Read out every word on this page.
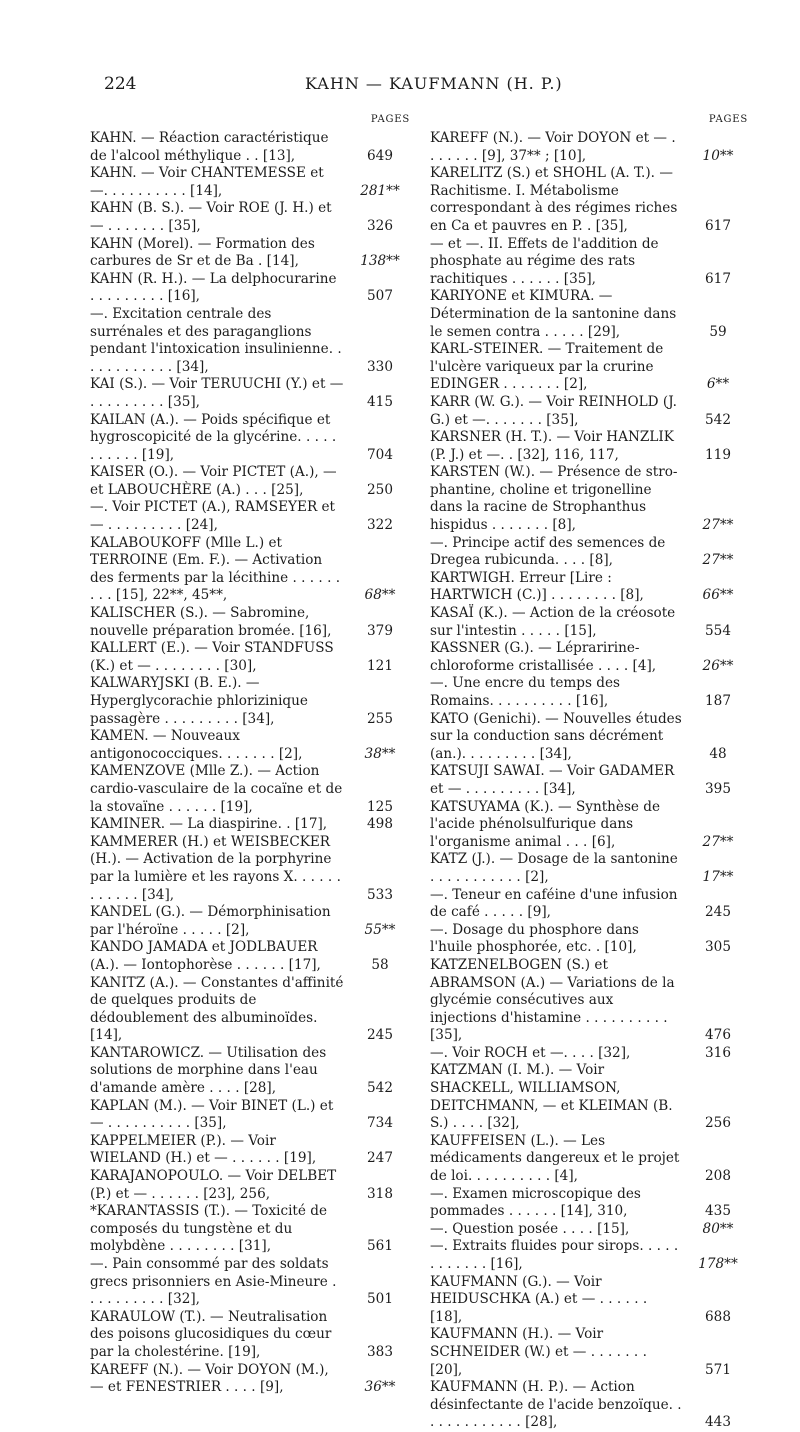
224	KAHN — KAUFMANN (H. P.)
PAGES
KAHN. — Réaction caractéristique de l'alcool méthylique . . [13],	649
KAHN. — Voir CHANTEMESSE et —. . . . . . . . . . [14],	281**
KAHN (B. S.). — Voir ROE (J. H.) et — . . . . . . . [35],	326
KAHN (Morel). — Formation des carbures de Sr et de Ba . [14],	138**
KAHN (R. H.). — La delphocurarine . . . . . . . . . [16],	507
—. Excitation centrale des surrénales et des paraganglions pendant l'intoxication insulinienne. . . . . . . . . . . . [34],	330
KAI (S.). — Voir TERUUCHI (Y.) et — . . . . . . . . . [35],	415
KAILAN (A.). — Poids spécifique et hygroscopicité de la glycérine. . . . . . . . . . . [19],	704
KAISER (O.). — Voir PICTET (A.), — et LABOUCHÈRE (A.) . . . [25],	250
—. Voir PICTET (A.), RAMSEYER et — . . . . . . . . . [24],	322
KALABOUKOFF (Mlle L.) et TERROINE (Em. F.). — Activation des ferments par la lécithine . . . . . . . . . [15], 22**, 45**,	68**
KALISCHER (S.). — Sabromine, nouvelle préparation bromée. [16],	379
KALLERT (E.). — Voir STANDFUSS (K.) et — . . . . . . . . [30],	121
KALWARYJSKI (B. E.). — Hyperglycorachie phlorizinique passagère . . . . . . . . . [34],	255
KAMEN. — Nouveaux antigonococciques. . . . . . . [2],	38**
KAMENZOVE (Mlle Z.). — Action cardio-vasculaire de la cocaïne et de la stovaïne . . . . . . [19],	125
KAMINER. — La diaspirine. . [17],	498
KAMMERER (H.) et WEISBECKER (H.). — Activation de la porphyrine par la lumière et les rayons X. . . . . . . . . . . . [34],	533
KANDEL (G.). — Démorphinisation par l'héroïne . . . . . [2],	55**
KANDO JAMADA et JODLBAUER (A.). — Iontophorèse . . . . . . [17],	58
KANITZ (A.). — Constantes d'affinité de quelques produits de dédoublement des albuminoïdes. [14],	245
KANTAROWICZ. — Utilisation des solutions de morphine dans l'eau d'amande amère . . . . [28],	542
KAPLAN (M.). — Voir BINET (L.) et — . . . . . . . . . . [35],	734
KAPPELMEIER (P.). — Voir WIELAND (H.) et — . . . . . . [19],	247
KARAJANOPOULO. — Voir DELBET (P.) et — . . . . . . [23], 256,	318
*KARANTASSIS (T.). — Toxicité de composés du tungstène et du molybdène . . . . . . . . [31],	561
—. Pain consommé par des soldats grecs prisonniers en Asie-Mineure . . . . . . . . . . [32],	501
KARAULOW (T.). — Neutralisation des poisons glucosidiques du cœur par la cholestérine. [19],	383
KAREFF (N.). — Voir DOYON (M.), — et FENESTRIER . . . . [9],	36**
PAGES
KAREFF (N.). — Voir DOYON et — . . . . . . . [9], 37** ; [10],	10**
KARELITZ (S.) et SHOHL (A. T.). — Rachitisme. I. Métabolisme correspondant à des régimes riches en Ca et pauvres en P. . [35],	617
— et —. II. Effets de l'addition de phosphate au régime des rats rachitiques . . . . . . [35],	617
KARIYONE et KIMURA. — Détermination de la santonine dans le semen contra . . . . . [29],	59
KARL-STEINER. — Traitement de l'ulcère variqueux par la crurine EDINGER . . . . . . . [2],	6**
KARR (W. G.). — Voir REINHOLD (J. G.) et —. . . . . . . [35],	542
KARSNER (H. T.). — Voir HANZLIK (P. J.) et —. . [32], 116, 117,	119
KARSTEN (W.). — Présence de stro-phantine, choline et trigonelline dans la racine de Strophanthus hispidus . . . . . . . [8],	27**
—. Principe actif des semences de Dregea rubicunda. . . . [8],	27**
KARTWIGH. Erreur [Lire : HARTWICH (C.)] . . . . . . . . [8],	66**
KASAÏ (K.). — Action de la créosote sur l'intestin . . . . . [15],	554
KASSNER (G.). — Lépraririne-chloroforme cristallisée . . . . [4],	26**
—. Une encre du temps des Romains. . . . . . . . . . [16],	187
KATO (Genichi). — Nouvelles études sur la conduction sans décrément (an.). . . . . . . . . [34],	48
KATSUJI SAWAI. — Voir GADAMER et — . . . . . . . . . [34],	395
KATSUYAMA (K.). — Synthèse de l'acide phénolsulfurique dans l'organisme animal . . . [6],	27**
KATZ (J.). — Dosage de la santonine . . . . . . . . . . . [2],	17**
—. Teneur en caféine d'une infusion de café . . . . . [9],	245
—. Dosage du phosphore dans l'huile phosphorée, etc. . [10],	305
KATZENELBOGEN (S.) et ABRAMSON (A.) — Variations de la glycémie consécutives aux injections d'histamine . . . . . . . . . . [35],	476
—. Voir ROCH et —. . . . [32],	316
KATZMAN (I. M.). — Voir SHACKELL, WILLIAMSON, DEITCHMANN, — et KLEIMAN (B. S.) . . . . [32],	256
KAUFFEISEN (L.). — Les médicaments dangereux et le projet de loi. . . . . . . . . . [4],	208
—. Examen microscopique des pommades . . . . . . [14], 310,	435
—. Question posée . . . . [15],	80**
—. Extraits fluides pour sirops. . . . . . . . . . . . [16],	178**
KAUFMANN (G.). — Voir HEIDUSCHKA (A.) et — . . . . . . [18],	688
KAUFMANN (H.). — Voir SCHNEIDER (W.) et — . . . . . . . [20],	571
KAUFMANN (H. P.). — Action désinfectante de l'acide benzoïque. . . . . . . . . . . . . [28],	443
